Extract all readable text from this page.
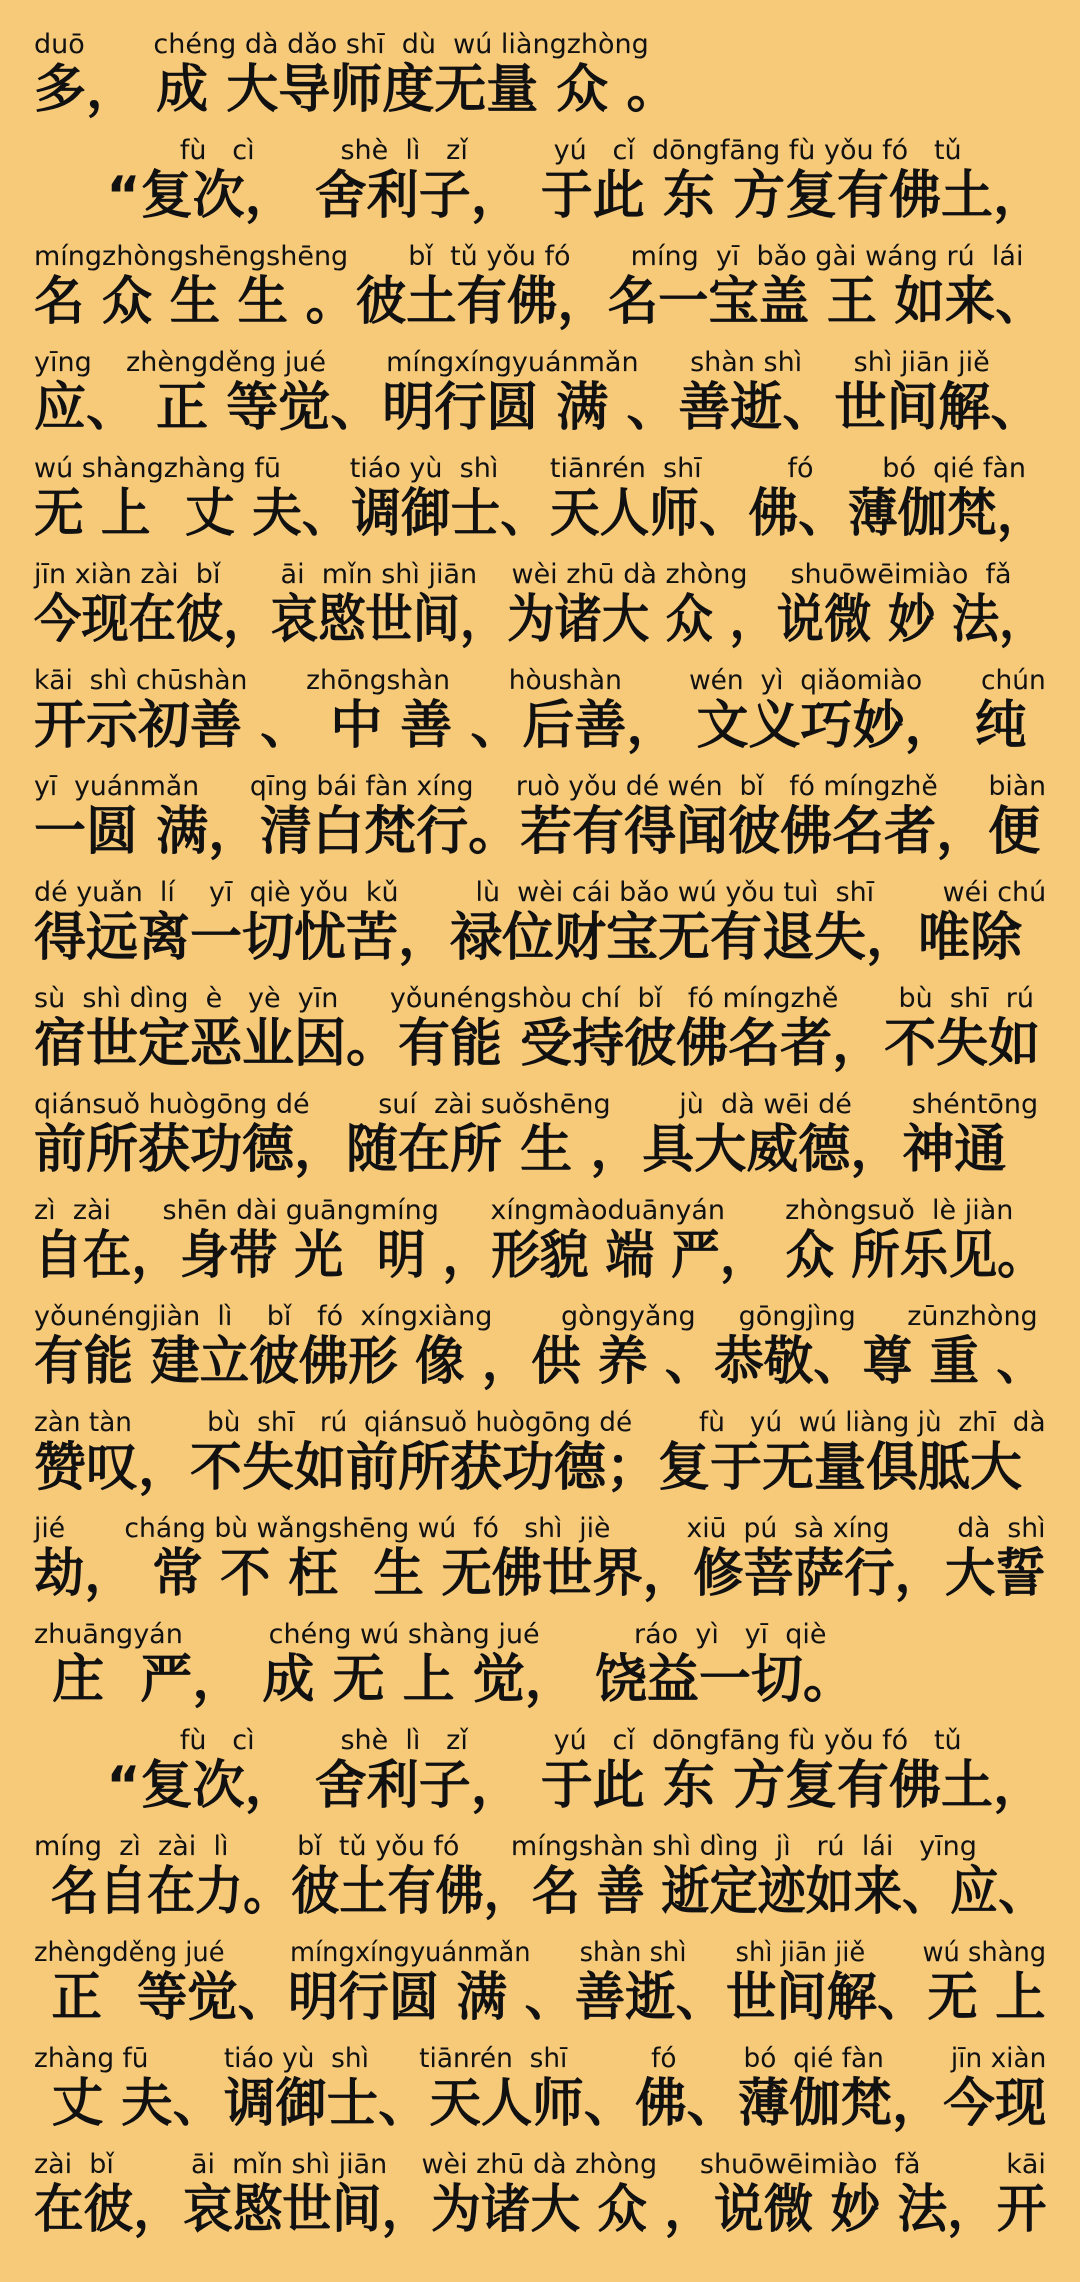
duō        chéng dà dǎo shī  dù  wú liàngzhòng
多， 成 大导师度无量 众 。
fù   cì          shè  lì   zǐ          yú   cǐ  dōngfāng fù yǒu fó   tǔ
“复次， 舍利子， 于此 东 方复有佛土，
míngzhòngshēngshēng       bǐ  tǔ yǒu fó       míng  yī  bǎo gài wáng rú  lái
名 众 生 生 。彼土有佛，名一宝盖 王 如来、
yīng    zhèngděng jué       míngxíngyuánmǎn      shàn shì      shì jiān jiě
应、 正 等觉、明行圆 满 、善逝、世间解、
wú shàngzhàng fū        tiáo yù  shì      tiānrén  shī          fó        bó  qié fàn
无 上  丈 夫、调御士、天人师、佛、薄伽梵，
jīn xiàn zài  bǐ       āi  mǐn shì jiān    wèi zhū dà zhòng     shuōwēimiào  fǎ
今现在彼，哀愍世间，为诸大 众 ，说微 妙 法，
kāi  shì chūshàn       zhōngshàn       hòushàn        wén  yì  qiǎomiào       chún
开示初善 、 中 善 、后善， 文义巧妙， 纯
yī  yuánmǎn      qīng bái fàn xíng     ruò yǒu dé wén  bǐ   fó míngzhě      biàn
一圆 满，清白梵行。若有得闻彼佛名者，便
dé yuǎn  lí    yī  qiè yǒu  kǔ         lù  wèi cái bǎo wú yǒu tuì  shī        wéi chú
得远离一切忧苦，禄位财宝无有退失，唯除
sù  shì dìng  è   yè  yīn      yǒunéngshòu chí  bǐ   fó míngzhě       bù  shī  rú
宿世定恶业因。有能 受持彼佛名者，不失如
qiánsuǒ huògōng dé        suí  zài suǒshēng        jù  dà wēi dé       shéntōng
前所获功德，随在所 生 ，具大威德，神通
zì  zài      shēn dài guāngmíng      xíngmàoduānyán       zhòngsuǒ  lè jiàn
自在，身带 光  明 ，形貌 端 严， 众 所乐见。
yǒunéngjiàn  lì    bǐ   fó  xíngxiàng        gòngyǎng     gōngjìng      zūnzhòng
有能 建立彼佛形 像 ，供 养 、恭敬、尊 重 、
zàn tàn         bù  shī   rú  qiánsuǒ huògōng dé        fù   yú  wú liàng jù  zhī  dà
赞叹，不失如前所获功德；复于无量俱胝大
jié       cháng bù wǎngshēng wú  fó   shì  jiè         xiū  pú  sà xíng        dà  shì
劫， 常 不 枉  生 无佛世界，修菩萨行，大誓
zhuāngyán          chéng wú shàng jué           ráo  yì   yī  qiè
庄  严， 成 无 上 觉， 饶益一切。
fù   cì          shè  lì   zǐ          yú   cǐ  dōngfāng fù yǒu fó   tǔ
“复次， 舍利子， 于此 东 方复有佛土，
míng  zì  zài  lì        bǐ  tǔ yǒu fó      míngshàn shì dìng  jì   rú  lái   yīng
名自在力。彼土有佛，名 善 逝定迹如来、应、
zhèngděng jué        míngxíngyuánmǎn      shàn shì      shì jiān jiě       wú shàng
正  等觉、明行圆 满 、善逝、世间解、无 上
zhàng fū         tiáo yù  shì      tiānrén  shī          fó        bó  qié fàn        jīn xiàn
丈 夫、调御士、天人师、佛、薄伽梵，今现
zài  bǐ         āi  mǐn shì jiān    wèi zhū dà zhòng     shuōwēimiào  fǎ          kāi
在彼，哀愍世间，为诸大 众 ，说微 妙 法，开
